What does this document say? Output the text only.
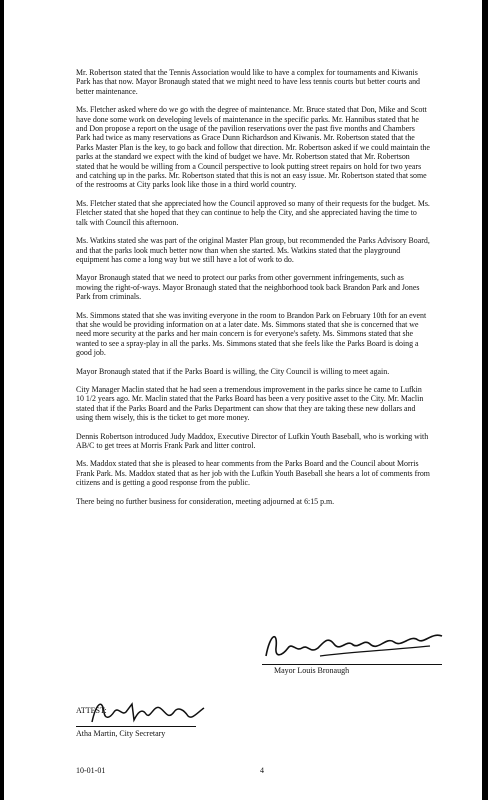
Mr. Robertson stated that the Tennis Association would like to have a complex for tournaments and Kiwanis Park has that now. Mayor Bronaugh stated that we might need to have less tennis courts but better courts and better maintenance.

Ms. Fletcher asked where do we go with the degree of maintenance. Mr. Bruce stated that Don, Mike and Scott have done some work on developing levels of maintenance in the specific parks. Mr. Hannibus stated that he and Don propose a report on the usage of the pavilion reservations over the past five months and Chambers Park had twice as many reservations as Grace Dunn Richardson and Kiwanis. Mr. Robertson stated that the Parks Master Plan is the key, to go back and follow that direction. Mr. Robertson asked if we could maintain the parks at the standard we expect with the kind of budget we have. Mr. Robertson stated that Mr. Robertson stated that he would be willing from a Council perspective to look putting street repairs on hold for two years and catching up in the parks. Mr. Robertson stated that this is not an easy issue. Mr. Robertson stated that some of the restrooms at City parks look like those in a third world country.

Ms. Fletcher stated that she appreciated how the Council approved so many of their requests for the budget. Ms. Fletcher stated that she hoped that they can continue to help the City, and she appreciated having the time to talk with Council this afternoon.

Ms. Watkins stated she was part of the original Master Plan group, but recommended the Parks Advisory Board, and that the parks look much better now than when she started. Ms. Watkins stated that the playground equipment has come a long way but we still have a lot of work to do.

Mayor Bronaugh stated that we need to protect our parks from other government infringements, such as mowing the right-of-ways. Mayor Bronaugh stated that the neighborhood took back Brandon Park and Jones Park from criminals.

Ms. Simmons stated that she was inviting everyone in the room to Brandon Park on February 10th for an event that she would be providing information on at a later date. Ms. Simmons stated that she is concerned that we need more security at the parks and her main concern is for everyone's safety. Ms. Simmons stated that she wanted to see a spray-play in all the parks. Ms. Simmons stated that she feels like the Parks Board is doing a good job.

Mayor Bronaugh stated that if the Parks Board is willing, the City Council is willing to meet again.

City Manager Maclin stated that he had seen a tremendous improvement in the parks since he came to Lufkin 10 1/2 years ago. Mr. Maclin stated that the Parks Board has been a very positive asset to the City. Mr. Maclin stated that if the Parks Board and the Parks Department can show that they are taking these new dollars and using them wisely, this is the ticket to get more money.

Dennis Robertson introduced Judy Maddox, Executive Director of Lufkin Youth Baseball, who is working with AB/C to get trees at Morris Frank Park and litter control.

Ms. Maddox stated that she is pleased to hear comments from the Parks Board and the Council about Morris Frank Park. Ms. Maddox stated that as her job with the Lufkin Youth Baseball she hears a lot of comments from citizens and is getting a good response from the public.

There being no further business for consideration, meeting adjourned at 6:15 p.m.

Mayor Louis Bronaugh
ATTEST:
Atha Martin, City Secretary
10-01-01	4
